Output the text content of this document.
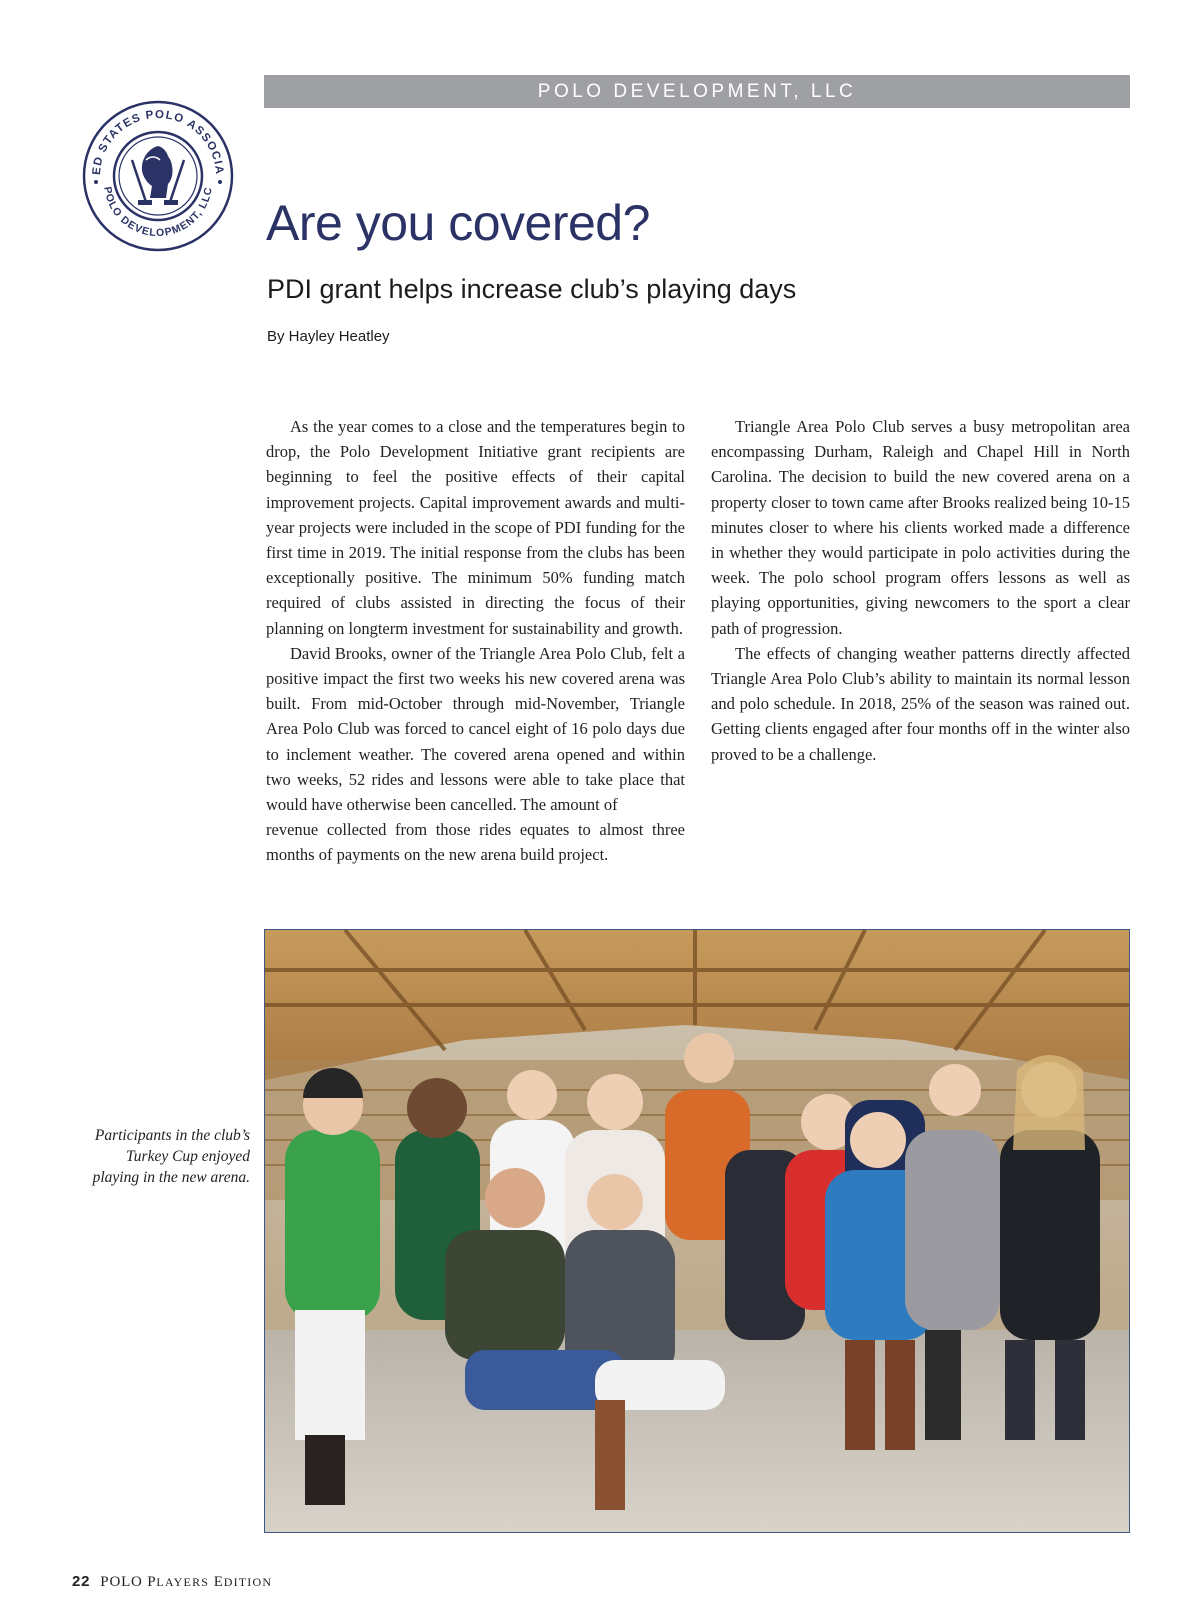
POLO DEVELOPMENT, LLC
ED STATES POLO ASSOCIA
POLO DEVELOPMENT, LLC
Are you covered?
PDI grant helps increase club’s playing days
By Hayley Heatley

As the year comes to a close and the temperatures begin to drop, the Polo Development Initiative grant recipients are beginning to feel the positive effects of their capital improvement projects. Capital improvement awards and multi-year projects were included in the scope of PDI funding for the first time in 2019. The initial response from the clubs has been exceptionally positive. The minimum 50% funding match required of clubs assisted in directing the focus of their planning on longterm investment for sustainability and growth.

David Brooks, owner of the Triangle Area Polo Club, felt a positive impact the first two weeks his new covered arena was built. From mid-October through mid-November, Triangle Area Polo Club was forced to cancel eight of 16 polo days due to inclement weather. The covered arena opened and within two weeks, 52 rides and lessons were able to take place that would have otherwise been cancelled. The amount of

revenue collected from those rides equates to almost three months of payments on the new arena build project.

Triangle Area Polo Club serves a busy metropolitan area encompassing Durham, Raleigh and Chapel Hill in North Carolina. The decision to build the new covered arena on a property closer to town came after Brooks realized being 10-15 minutes closer to where his clients worked made a difference in whether they would participate in polo activities during the week. The polo school program offers lessons as well as playing opportunities, giving newcomers to the sport a clear path of progression.

The effects of changing weather patterns directly affected Triangle Area Polo Club’s ability to maintain its normal lesson and polo schedule. In 2018, 25% of the season was rained out. Getting clients engaged after four months off in the winter also proved to be a challenge.

Participants in the club’s Turkey Cup enjoyed playing in the new arena.
22 POLO PLAYERS EDITION
